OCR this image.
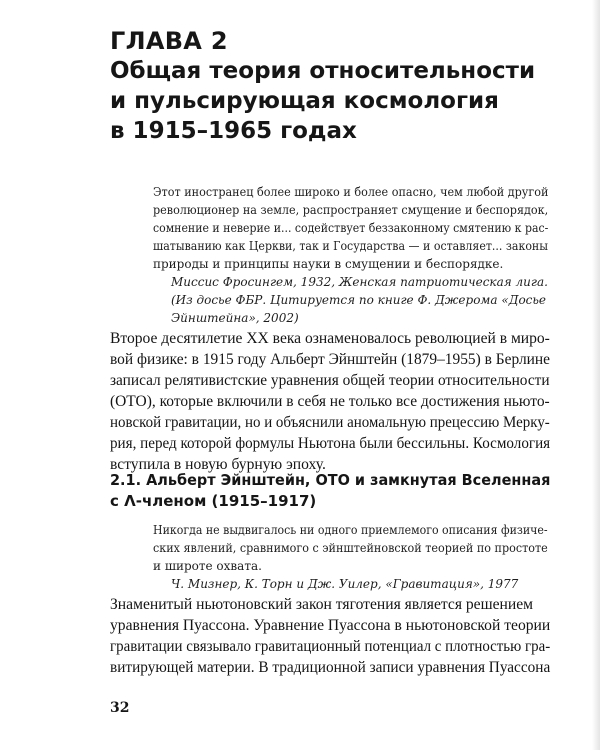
ГЛАВА 2
Общая теория относительности
и пульсирующая космология
в 1915–1965 годах
Этот иностранец более широко и более опасно, чем любой другой
революционер на земле, распространяет смущение и беспорядок,
сомнение и неверие и... содействует беззаконному смятению к рас-
шатыванию как Церкви, так и Государства — и оставляет... законы
природы и принципы науки в смущении и беспорядке.
Миссис Фросингем, 1932, Женская патриотическая лига.
(Из досье ФБР. Цитируется по книге Ф. Джерома «Досье
Эйнштейна», 2002)
Второе десятилетие XX века ознаменовалось революцией в миро-
вой физике: в 1915 году Альберт Эйнштейн (1879–1955) в Берлине
записал релятивистские уравнения общей теории относительности
(ОТО), которые включили в себя не только все достижения ньюто-
новской гравитации, но и объяснили аномальную прецессию Мерку-
рия, перед которой формулы Ньютона были бессильны. Космология
вступила в новую бурную эпоху.
2.1. Альберт Эйнштейн, ОТО и замкнутая Вселенная
с Λ-членом (1915–1917)
Никогда не выдвигалось ни одного приемлемого описания физиче-
ских явлений, сравнимого с эйнштейновской теорией по простоте
и широте охвата.
Ч. Мизнер, К. Торн и Дж. Уилер, «Гравитация», 1977
Знаменитый ньютоновский закон тяготения является решением
уравнения Пуассона. Уравнение Пуассона в ньютоновской теории
гравитации связывало гравитационный потенциал с плотностью гра-
витирующей материи. В традиционной записи уравнения Пуассона
32
